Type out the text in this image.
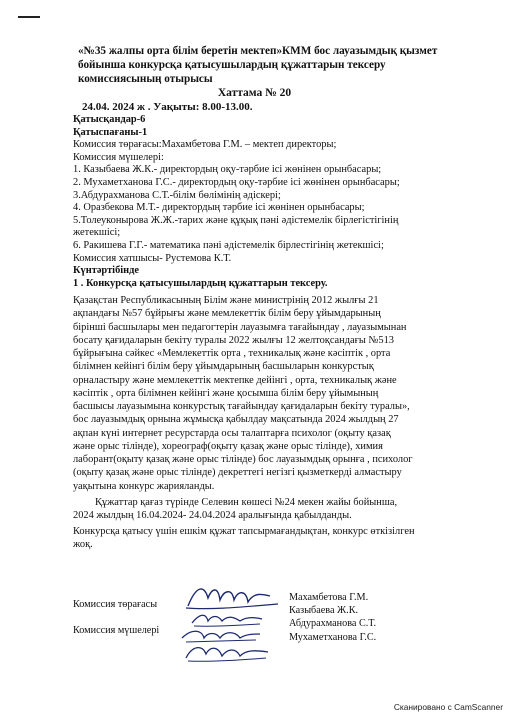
«№35 жалпы орта білім беретін мектеп»КММ бос лауазымдық қызмет
бойынша конкурсқа қатысушылардың құжаттарын тексеру
комиссиясының отырысы
Хаттама № 20
24.04. 2024 ж . Уақыты: 8.00-13.00.
Қатысқандар-6
Қатыспағаны-1
Комиссия төрағасы:Махамбетова Г.М. – мектеп директоры;
Комиссия мүшелері:
1. Казыбаева Ж.К.- директордың оқу-тәрбие ісі жөнінен орынбасары;
2. Мухаметханова Г.С.- директордың оқу-тәрбие ісі жөнінен орынбасары;
3.Абдурахманова С.Т.-білім бөлімінің әдіскері;
4. Оразбекова М.Т.- директордың тәрбие ісі жөнінен орынбасары;
5.Толеуконырова Ж.Ж.-тарих және құқық пәні әдістемелік бірлегістігінің
жетекшісі;
6. Ракишева Г.Г.- математика пәні әдістемелік бірлестігінің жетекшісі;
Комиссия хатшысы- Рустемова К.Т.
Күнтәртібінде
1 . Конкурсқа қатысушылардың құжаттарын тексеру.
Қазақстан Республикасының Білім және министрінің 2012 жылғы 21
ақпандағы №57 бұйрығы және мемлекеттік білім беру ұйымдарының
бірінші басшылары мен педагогтерін лауазымға тағайындау , лауазымынан
босату қағидаларын бекіту туралы 2022 жылғы 12 желтоқсандағы №513
бұйрығына сәйкес «Мемлекеттік орта , техникалық және кәсіптік , орта
білімнен кейінгі білім беру ұйымдарының басшыларын конкурстық
орналастыру және мемлекеттік мектепке дейінгі , орта, техникалық және
кәсіптік , орта білімнен кейінгі және қосымша білім беру ұйымының
басшысы лауазымына конкурстық тағайындау қағидаларын бекіту туралы»,
бос лауазымдық орнына жұмысқа қабылдау мақсатында 2024 жылдың 27
ақпан күні интернет ресурстарда осы талаптарға психолог (оқыту қазақ
және орыс тілінде), хореограф(оқыту қазақ және орыс тілінде), химия
лаборант(оқыту қазақ және орыс тілінде) бос лауазымдық орынға , психолог
(оқыту қазақ және орыс тілінде) декреттегі негізгі қызметкерді алмастыру
уақытына конкурс жарияланды.
Құжаттар қағаз түрінде Селевин көшесі №24 мекен жайы бойынша,
2024 жылдың 16.04.2024- 24.04.2024 аралығында қабылданды.
Конкурсқа қатысу үшін ешкім құжат тапсырмағандықтан, конкурс өткізілген
жоқ.
Комиссия төрағасы
Комиссия мүшелері
Махамбетова Г.М.
Казыбаева Ж.К.
Абдурахманова С.Т.
Мухаметханова Г.С.
Сканировано с CamScanner
